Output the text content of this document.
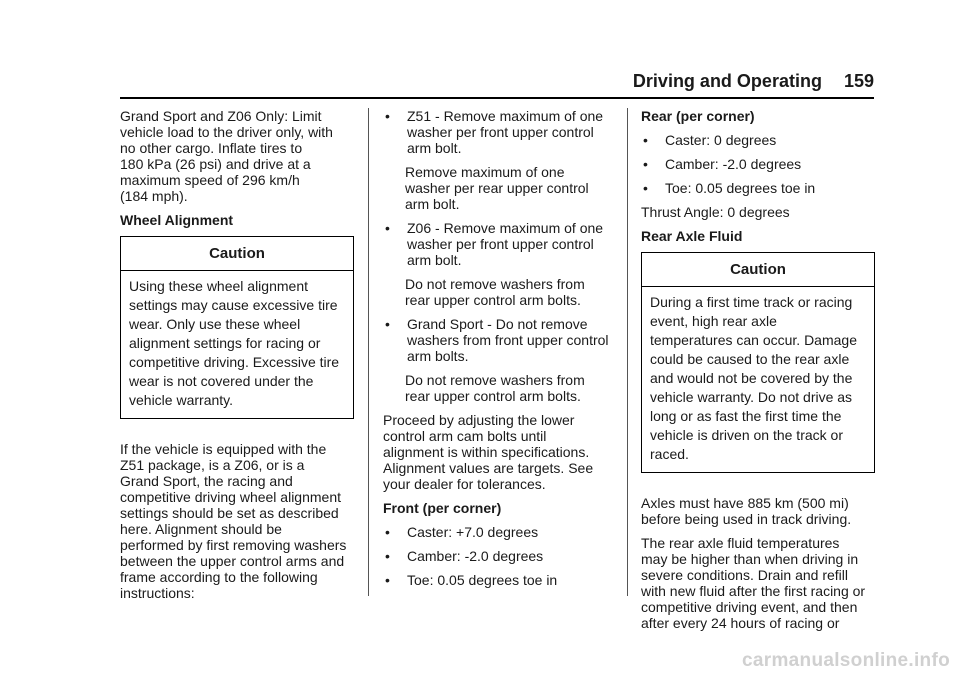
Driving and Operating 159

Grand Sport and Z06 Only: Limit
vehicle load to the driver only, with
no other cargo. Inflate tires to
180 kPa (26 psi) and drive at a
maximum speed of 296 km/h
(184 mph).

Wheel Alignment
Caution
Using these wheel alignment
settings may cause excessive tire
wear. Only use these wheel
alignment settings for racing or
competitive driving. Excessive tire
wear is not covered under the
vehicle warranty.

If the vehicle is equipped with the
Z51 package, is a Z06, or is a
Grand Sport, the racing and
competitive driving wheel alignment
settings should be set as described
here. Alignment should be
performed by first removing washers
between the upper control arms and
frame according to the following
instructions:

•	Z51 - Remove maximum of one
washer per front upper control
arm bolt.

Remove maximum of one
washer per rear upper control
arm bolt.

•	Z06 - Remove maximum of one
washer per front upper control
arm bolt.

Do not remove washers from
rear upper control arm bolts.

•	Grand Sport - Do not remove
washers from front upper control
arm bolts.

Do not remove washers from
rear upper control arm bolts.

Proceed by adjusting the lower
control arm cam bolts until
alignment is within specifications.
Alignment values are targets. See
your dealer for tolerances.

Front (per corner)
•	Caster: +7.0 degrees
•	Camber: -2.0 degrees
•	Toe: 0.05 degrees toe in
Rear (per corner)
•	Caster: 0 degrees
•	Camber: -2.0 degrees
•	Toe: 0.05 degrees toe in

Thrust Angle: 0 degrees

Rear Axle Fluid
Caution
During a first time track or racing
event, high rear axle
temperatures can occur. Damage
could be caused to the rear axle
and would not be covered by the
vehicle warranty. Do not drive as
long or as fast the first time the
vehicle is driven on the track or
raced.

Axles must have 885 km (500 mi)
before being used in track driving.

The rear axle fluid temperatures
may be higher than when driving in
severe conditions. Drain and refill
with new fluid after the first racing or
competitive driving event, and then
after every 24 hours of racing or

carmanualsonline.info
